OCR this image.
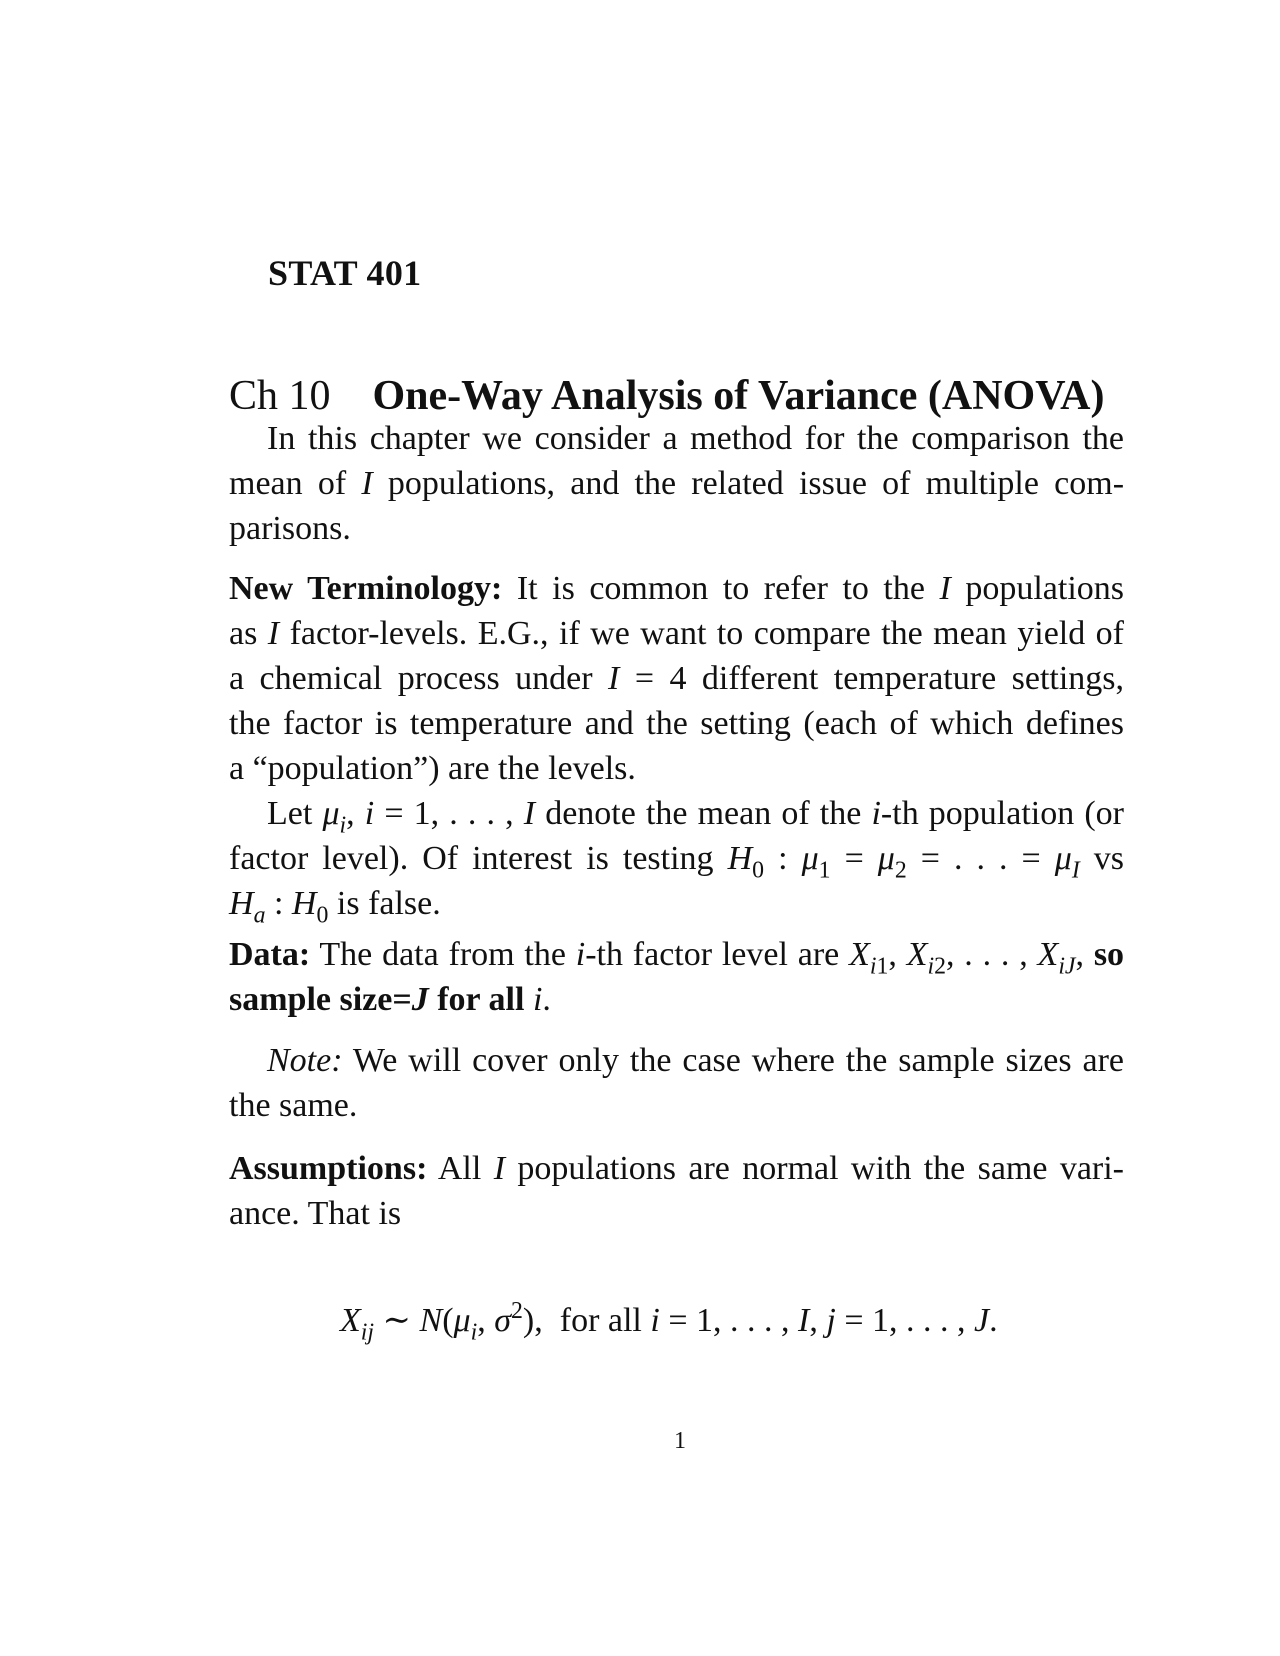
STAT 401
Ch 10 One-Way Analysis of Variance (ANOVA)
In this chapter we consider a method for the comparison the
mean of I populations, and the related issue of multiple com-
parisons.
New Terminology: It is common to refer to the I populations
as I factor-levels. E.G., if we want to compare the mean yield of
a chemical process under I = 4 different temperature settings,
the factor is temperature and the setting (each of which defines
a “population”) are the levels.
Let $\mu_i$, i = 1, . . . , I denote the mean of the i-th population (or
factor level). Of interest is testing $H_0$ : $\mu_1 = \mu_2$ = . . . = $\mu_I$ vs
$H_a$ : $H_0$ is false.
Data: The data from the i-th factor level are $X_{i1}$, $X_{i2}$, . . . , $X_{iJ}$, so
sample size=J for all i.
Note: We will cover only the case where the sample sizes are
the same.
Assumptions: All I populations are normal with the same vari-
ance. That is
$X_{ij}$ ∼ $N(\mu_i$, $\sigma^2$),  for all i = 1, . . . , I, j = 1, . . . , J.
1
